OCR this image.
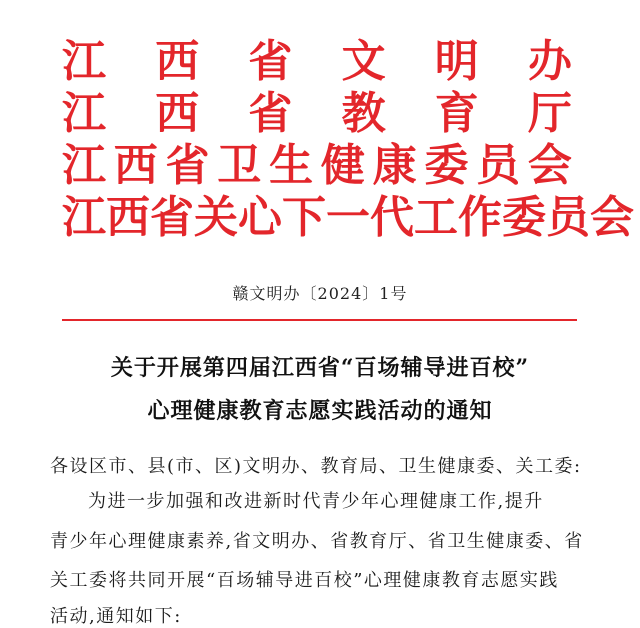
江 西 省 文 明 办
江 西 省 教 育 厅
江 西 省 卫 生 健 康 委 员 会
江 西 省 关 心 下 一 代 工 作 委 员 会
赣文明办〔2024〕1号
关于开展第四届江西省“百场辅导进百校”
心理健康教育志愿实践活动的通知
各设区市、县(市、区)文明办、教育局、卫生健康委、关工委:
为进一步加强和改进新时代青少年心理健康工作,提升
青少年心理健康素养,省文明办、省教育厅、省卫生健康委、省
关工委将共同开展“百场辅导进百校”心理健康教育志愿实践
活动,通知如下:
